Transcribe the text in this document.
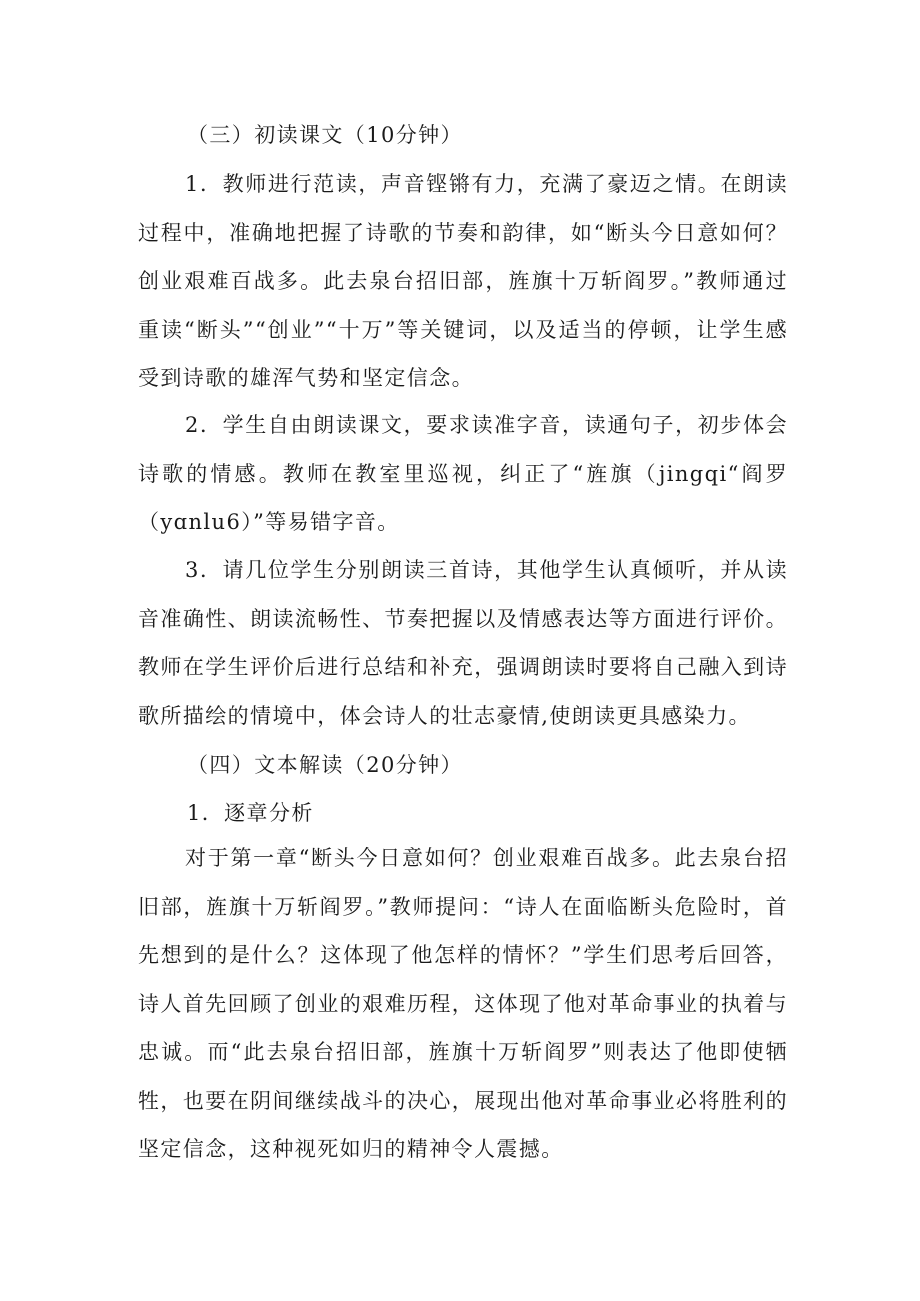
（三）初读课文（10分钟）

1．教师进行范读，声音铿锵有力，充满了豪迈之情。在朗读过程中，准确地把握了诗歌的节奏和韵律，如“断头今日意如何？创业艰难百战多。此去泉台招旧部，旌旗十万斩阎罗。”教师通过重读“断头”“创业”“十万”等关键词，以及适当的停顿，让学生感受到诗歌的雄浑气势和坚定信念。

2．学生自由朗读课文，要求读准字音，读通句子，初步体会诗歌的情感。教师在教室里巡视，纠正了“旌旗（jingqi“阎罗（yɑnlu6）”等易错字音。

3．请几位学生分别朗读三首诗，其他学生认真倾听，并从读音准确性、朗读流畅性、节奏把握以及情感表达等方面进行评价。教师在学生评价后进行总结和补充，强调朗读时要将自己融入到诗歌所描绘的情境中，体会诗人的壮志豪情,使朗读更具感染力。

（四）文本解读（20分钟）

1．逐章分析

对于第一章“断头今日意如何？创业艰难百战多。此去泉台招旧部，旌旗十万斩阎罗。”教师提问：“诗人在面临断头危险时，首先想到的是什么？这体现了他怎样的情怀？”学生们思考后回答，诗人首先回顾了创业的艰难历程，这体现了他对革命事业的执着与忠诚。而“此去泉台招旧部，旌旗十万斩阎罗”则表达了他即使牺牲，也要在阴间继续战斗的决心，展现出他对革命事业必将胜利的坚定信念，这种视死如归的精神令人震撼。
